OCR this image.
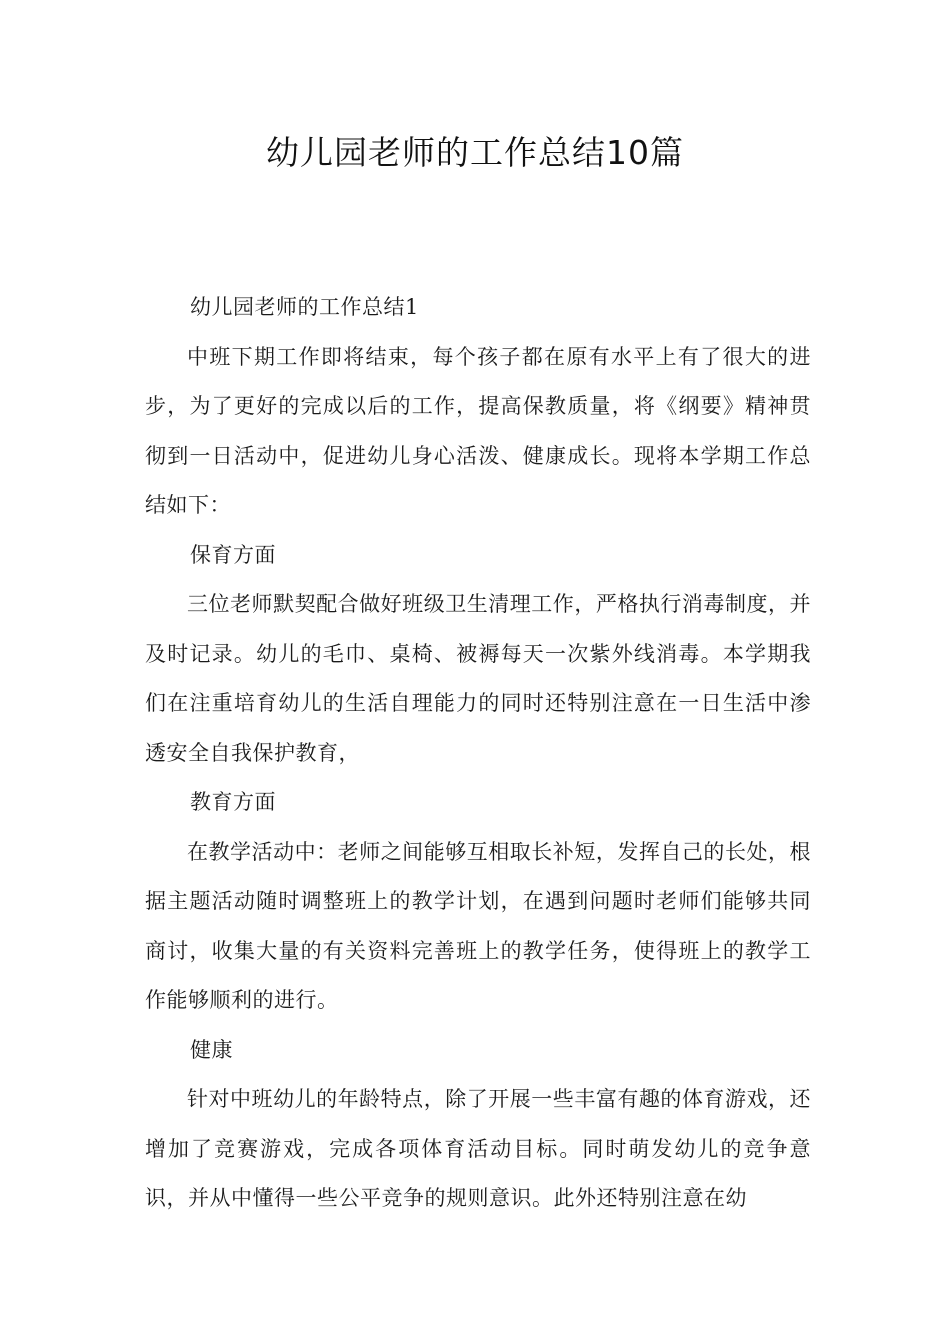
幼儿园老师的工作总结10篇

幼儿园老师的工作总结1

中班下期工作即将结束，每个孩子都在原有水平上有了很大的进步，为了更好的完成以后的工作，提高保教质量，将《纲要》精神贯彻到一日活动中，促进幼儿身心活泼、健康成长。现将本学期工作总结如下：

保育方面

三位老师默契配合做好班级卫生清理工作，严格执行消毒制度，并及时记录。幼儿的毛巾、桌椅、被褥每天一次紫外线消毒。本学期我们在注重培育幼儿的生活自理能力的同时还特别注意在一日生活中渗透安全自我保护教育，

教育方面

在教学活动中：老师之间能够互相取长补短，发挥自己的长处，根据主题活动随时调整班上的教学计划，在遇到问题时老师们能够共同商讨，收集大量的有关资料完善班上的教学任务，使得班上的教学工作能够顺利的进行。

健康

针对中班幼儿的年龄特点，除了开展一些丰富有趣的体育游戏，还增加了竞赛游戏，完成各项体育活动目标。同时萌发幼儿的竞争意识，并从中懂得一些公平竞争的规则意识。此外还特别注意在幼
